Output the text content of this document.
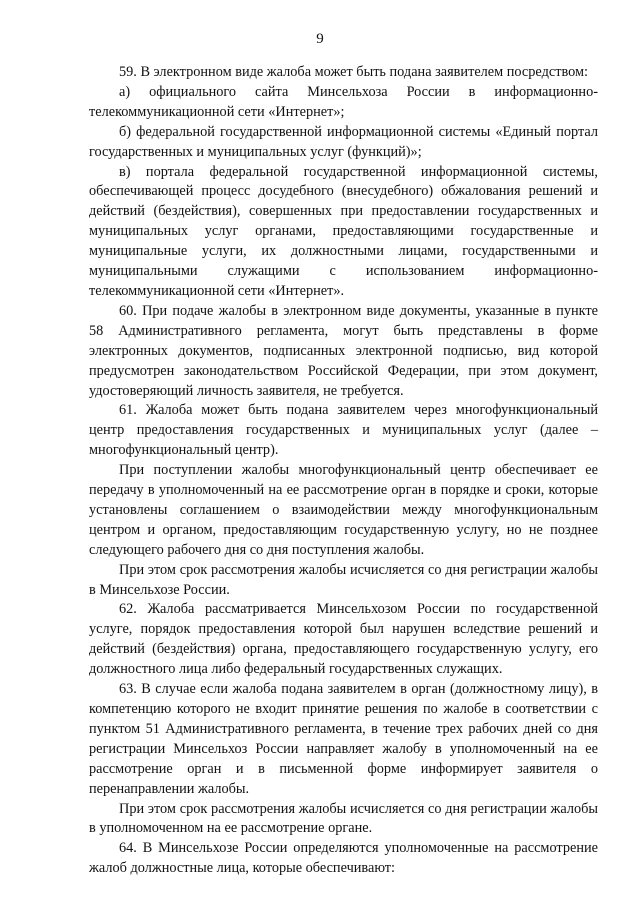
9

59. В электронном виде жалоба может быть подана заявителем посредством:

а) официального сайта Минсельхоза России в информационно-телекоммуникационной сети «Интернет»;

б) федеральной государственной информационной системы «Единый портал государственных и муниципальных услуг (функций)»;

в) портала федеральной государственной информационной системы, обеспечивающей процесс досудебного (внесудебного) обжалования решений и действий (бездействия), совершенных при предоставлении государственных и муниципальных услуг органами, предоставляющими государственные и муниципальные услуги, их должностными лицами, государственными и муниципальными служащими с использованием информационно-телекоммуникационной сети «Интернет».

60. При подаче жалобы в электронном виде документы, указанные в пункте 58 Административного регламента, могут быть представлены в форме электронных документов, подписанных электронной подписью, вид которой предусмотрен законодательством Российской Федерации, при этом документ, удостоверяющий личность заявителя, не требуется.

61. Жалоба может быть подана заявителем через многофункциональный центр предоставления государственных и муниципальных услуг (далее – многофункциональный центр).

При поступлении жалобы многофункциональный центр обеспечивает ее передачу в уполномоченный на ее рассмотрение орган в порядке и сроки, которые установлены соглашением о взаимодействии между многофункциональным центром и органом, предоставляющим государственную услугу, но не позднее следующего рабочего дня со дня поступления жалобы.

При этом срок рассмотрения жалобы исчисляется со дня регистрации жалобы в Минсельхозе России.

62. Жалоба рассматривается Минсельхозом России по государственной услуге, порядок предоставления которой был нарушен вследствие решений и действий (бездействия) органа, предоставляющего государственную услугу, его должностного лица либо федеральный государственных служащих.

63. В случае если жалоба подана заявителем в орган (должностному лицу), в компетенцию которого не входит принятие решения по жалобе в соответствии с пунктом 51 Административного регламента, в течение трех рабочих дней со дня регистрации Минсельхоз России направляет жалобу в уполномоченный на ее рассмотрение орган и в письменной форме информирует заявителя о перенаправлении жалобы.

При этом срок рассмотрения жалобы исчисляется со дня регистрации жалобы в уполномоченном на ее рассмотрение органе.

64. В Минсельхозе России определяются уполномоченные на рассмотрение жалоб должностные лица, которые обеспечивают:
